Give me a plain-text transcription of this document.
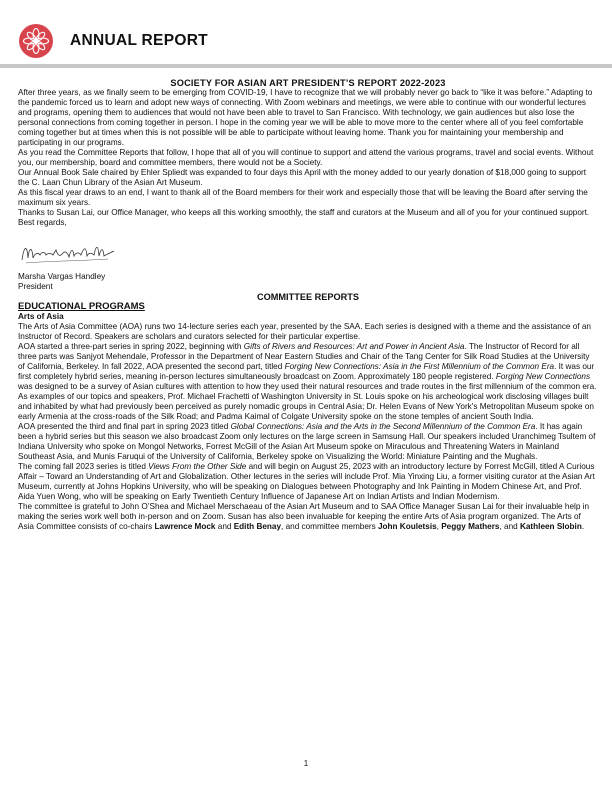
ANNUAL REPORT

SOCIETY FOR ASIAN ART PRESIDENT’S REPORT 2022-2023

After three years, as we finally seem to be emerging from COVID-19, I have to recognize that we will probably never go back to “like it was before.” Adapting to the pandemic forced us to learn and adopt new ways of connecting. With Zoom webinars and meetings, we were able to continue with our wonderful lectures and programs, opening them to audiences that would not have been able to travel to San Francisco. With technology, we gain audiences but also lose the personal connections from coming together in person. I hope in the coming year we will be able to move more to the center where all of you feel comfortable coming together but at times when this is not possible will be able to participate without leaving home. Thank you for maintaining your membership and participating in our programs.

As you read the Committee Reports that follow, I hope that all of you will continue to support and attend the various programs, travel and social events. Without you, our membership, board and committee members, there would not be a Society.

Our Annual Book Sale chaired by Ehler Spliedt was expanded to four days this April with the money added to our yearly donation of $18,000 going to support the C. Laan Chun Library of the Asian Art Museum.

As this fiscal year draws to an end, I want to thank all of the Board members for their work and especially those that will be leaving the Board after serving the maximum six years.

Thanks to Susan Lai, our Office Manager, who keeps all this working smoothly, the staff and curators at the Museum and all of you for your continued support.

Best regards,

Marsha Vargas Handley

President

COMMITTEE REPORTS

EDUCATIONAL PROGRAMS

Arts of Asia

The Arts of Asia Committee (AOA) runs two 14-lecture series each year, presented by the SAA. Each series is designed with a theme and the assistance of an Instructor of Record. Speakers are scholars and curators selected for their particular expertise.

AOA started a three-part series in spring 2022, beginning with Gifts of Rivers and Resources: Art and Power in Ancient Asia. The Instructor of Record for all three parts was Sanjyot Mehendale, Professor in the Department of Near Eastern Studies and Chair of the Tang Center for Silk Road Studies at the University of California, Berkeley. In fall 2022, AOA presented the second part, titled Forging New Connections: Asia in the First Millennium of the Common Era. It was our first completely hybrid series, meaning in-person lectures simultaneously broadcast on Zoom. Approximately 180 people registered. Forging New Connections was designed to be a survey of Asian cultures with attention to how they used their natural resources and trade routes in the first millennium of the common era. As examples of our topics and speakers, Prof. Michael Frachetti of Washington University in St. Louis spoke on his archeological work disclosing villages built and inhabited by what had previously been perceived as purely nomadic groups in Central Asia; Dr. Helen Evans of New York's Metropolitan Museum spoke on early Armenia at the cross-roads of the Silk Road; and Padma Kaimal of Colgate University spoke on the stone temples of ancient South India.

AOA presented the third and final part in spring 2023 titled Global Connections: Asia and the Arts in the Second Millennium of the Common Era. It has again been a hybrid series but this season we also broadcast Zoom only lectures on the large screen in Samsung Hall. Our speakers included Uranchimeg Tsultem of Indiana University who spoke on Mongol Networks, Forrest McGill of the Asian Art Museum spoke on Miraculous and Threatening Waters in Mainland Southeast Asia, and Munis Faruqui of the University of California, Berkeley spoke on Visualizing the World: Miniature Painting and the Mughals.

The coming fall 2023 series is titled Views From the Other Side and will begin on August 25, 2023 with an introductory lecture by Forrest McGill, titled A Curious Affair – Toward an Understanding of Art and Globalization. Other lectures in the series will include Prof. Mia Yinxing Liu, a former visiting curator at the Asian Art Museum, currently at Johns Hopkins University, who will be speaking on Dialogues between Photography and Ink Painting in Modern Chinese Art, and Prof. Aida Yuen Wong, who will be speaking on Early Twentieth Century Influence of Japanese Art on Indian Artists and Indian Modernism.

The committee is grateful to John O’Shea and Michael Merschaeau of the Asian Art Museum and to SAA Office Manager Susan Lai for their invaluable help in making the series work well both in-person and on Zoom. Susan has also been invaluable for keeping the entire Arts of Asia program organized. The Arts of Asia Committee consists of co-chairs Lawrence Mock and Edith Benay, and committee members John Kouletsis, Peggy Mathers, and Kathleen Slobin.

1
